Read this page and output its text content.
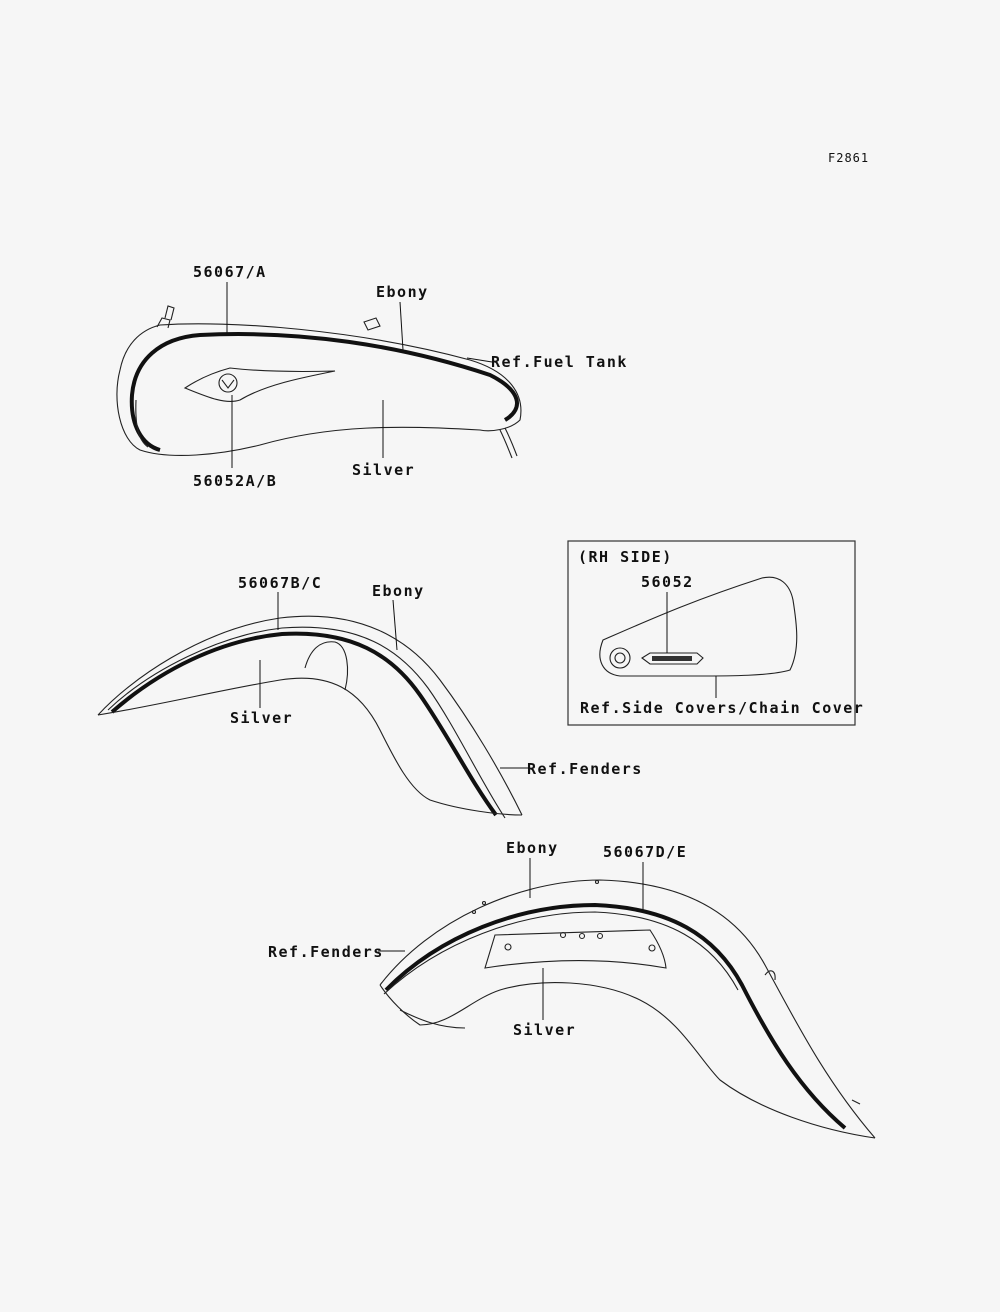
F2861
56067/A
Ebony
Ref.Fuel Tank
Silver
56052A/B
56067B/C	Ebony
Silver
Ref.Fenders
(RH SIDE)
56052
Ref.Side Covers/Chain Cover
Ebony	56067D/E
Ref.Fenders
Silver
